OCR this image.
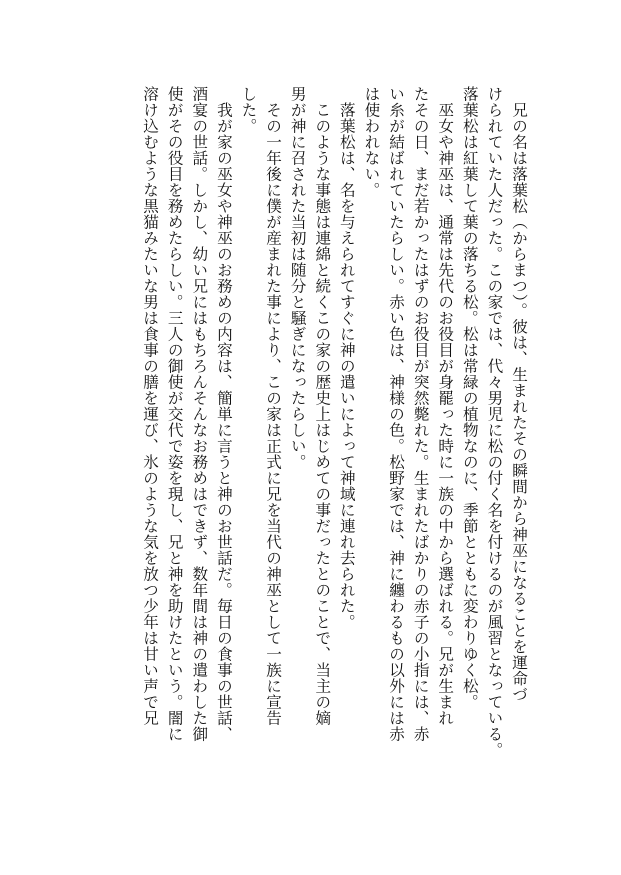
　兄の名は落葉松（からまつ）。彼は、生まれたその瞬間から神巫になることを運命づ
けられていた人だった。この家では、代々男児に松の付く名を付けるのが風習となっている。
落葉松は紅葉して葉の落ちる松。松は常緑の植物なのに、季節とともに変わりゆく松。
　巫女や神巫は、通常は先代のお役目が身罷った時に一族の中から選ばれる。兄が生まれ
たその日、まだ若かったはずのお役目が突然斃れた。生まれたばかりの赤子の小指には、赤
い糸が結ばれていたらしい。赤い色は、神様の色。松野家では、神に纏わるもの以外には赤
は使われない。
　落葉松は、名を与えられてすぐに神の遣いによって神域に連れ去られた。
　このような事態は連綿と続くこの家の歴史上はじめての事だったとのことで、当主の嫡
男が神に召された当初は随分と騒ぎになったらしい。
　その一年後に僕が産まれた事により、この家は正式に兄を当代の神巫として一族に宣告
した。
　我が家の巫女や神巫のお務めの内容は、簡単に言うと神のお世話だ。毎日の食事の世話、
酒宴の世話。しかし、幼い兄にはもちろんそんなお務めはできず、数年間は神の遣わした御
使がその役目を務めたらしい。三人の御使が交代で姿を現し、兄と神を助けたという。闇に
溶け込むような黒猫みたいな男は食事の膳を運び、氷のような気を放つ少年は甘い声で兄
